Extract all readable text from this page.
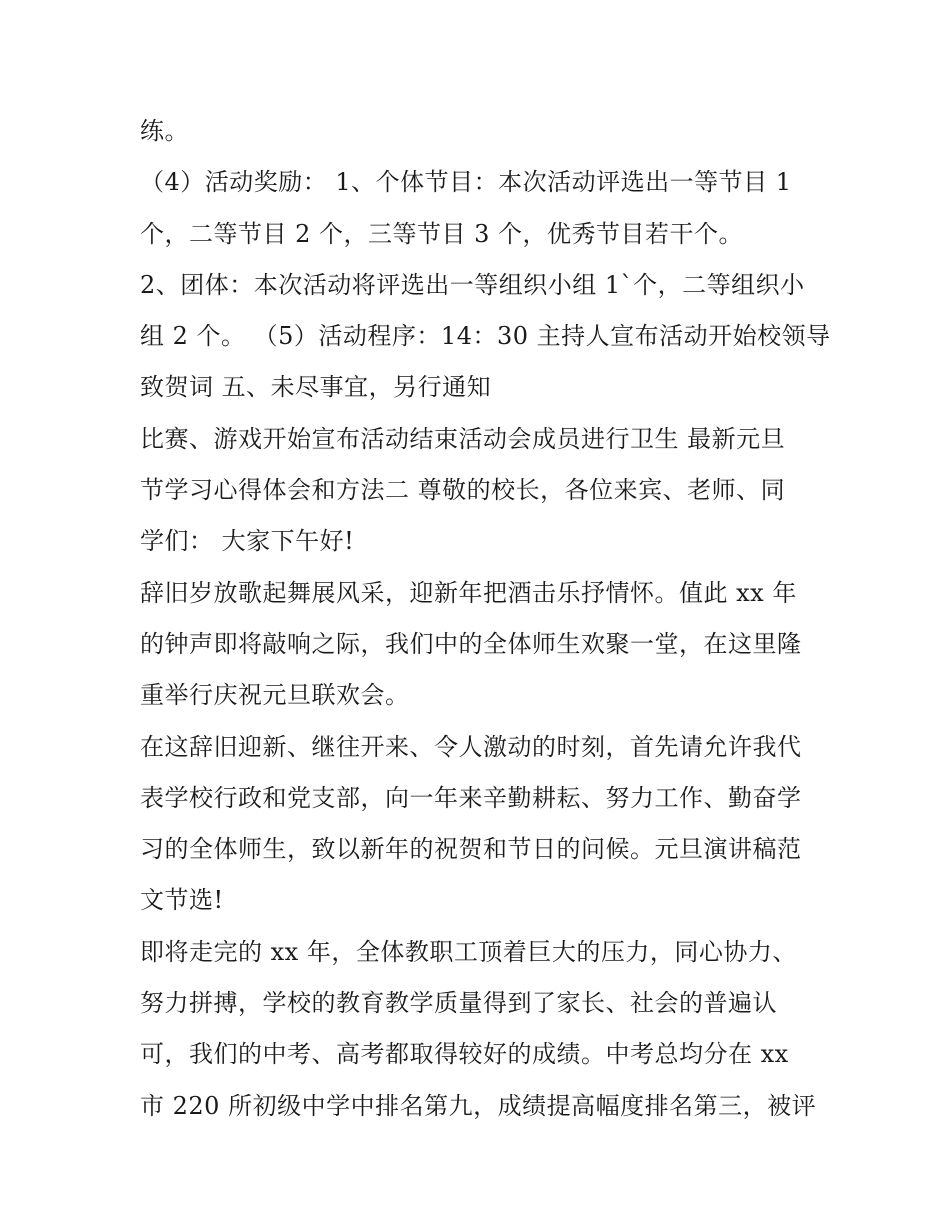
练。
（4）活动奖励： 1、个体节目：本次活动评选出一等节目 1
个，二等节目 2 个，三等节目 3 个，优秀节目若干个。
2、团体：本次活动将评选出一等组织小组 1`个，二等组织小
组 2 个。 （5）活动程序：14：30 主持人宣布活动开始校领导
致贺词 五、未尽事宜，另行通知
比赛、游戏开始宣布活动结束活动会成员进行卫生 最新元旦
节学习心得体会和方法二 尊敬的校长，各位来宾、老师、同
学们： 大家下午好!
辞旧岁放歌起舞展风采，迎新年把酒击乐抒情怀。值此 xx 年
的钟声即将敲响之际，我们中的全体师生欢聚一堂，在这里隆
重举行庆祝元旦联欢会。
在这辞旧迎新、继往开来、令人激动的时刻，首先请允许我代
表学校行政和党支部，向一年来辛勤耕耘、努力工作、勤奋学
习的全体师生，致以新年的祝贺和节日的问候。元旦演讲稿范
文节选!
即将走完的 xx 年，全体教职工顶着巨大的压力，同心协力、
努力拼搏，学校的教育教学质量得到了家长、社会的普遍认
可，我们的中考、高考都取得较好的成绩。中考总均分在 xx
市 220 所初级中学中排名第九，成绩提高幅度排名第三，被评
